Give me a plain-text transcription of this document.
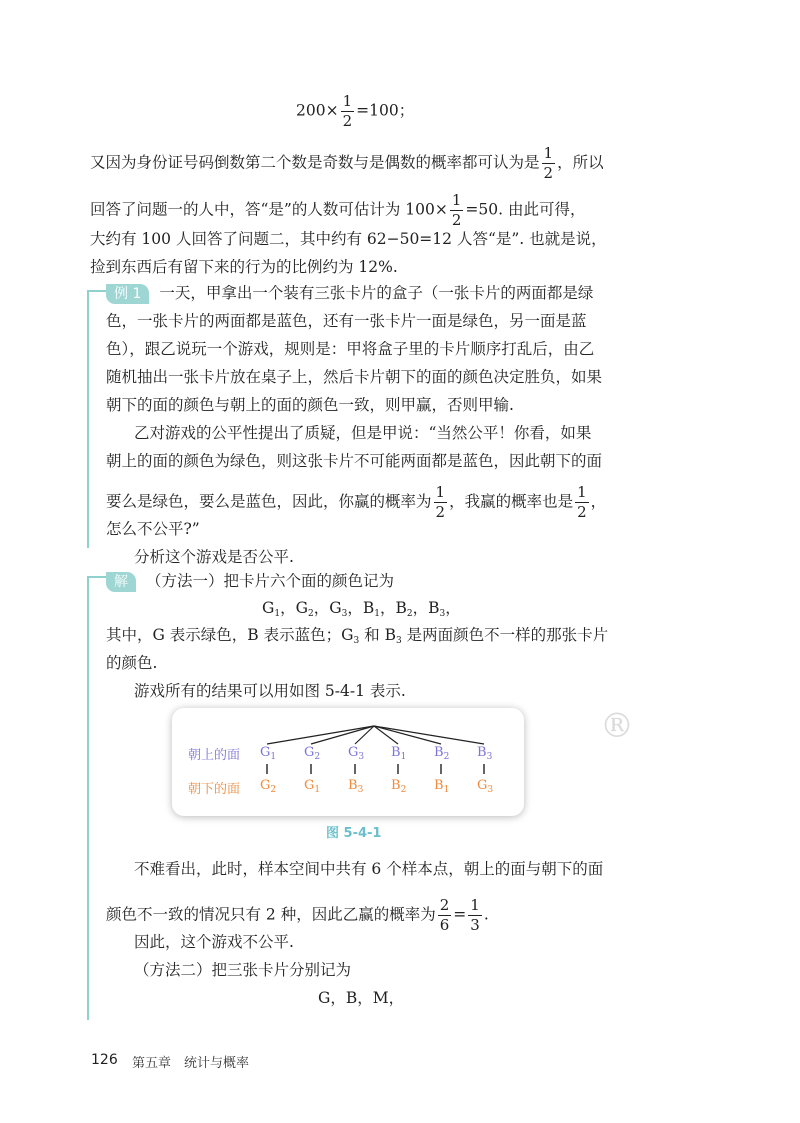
$200\times \frac{1}{2} =100$；
又因为身份证号码倒数第二个数是奇数与是偶数的概率都可认为是 $\frac{1}{2}$ ，所以
回答了问题一的人中，答“是”的人数可估计为 $100\times \frac{1}{2} =50$. 由此可得，
大约有 100 人回答了问题二，其中约有 62−50=12 人答“是”. 也就是说，
捡到东西后有留下来的行为的比例约为 12%.
例 1 一天，甲拿出一个装有三张卡片的盒子（一张卡片的两面都是绿
色，一张卡片的两面都是蓝色，还有一张卡片一面是绿色，另一面是蓝
色），跟乙说玩一个游戏，规则是：甲将盒子里的卡片顺序打乱后，由乙
随机抽出一张卡片放在桌子上，然后卡片朝下的面的颜色决定胜负，如果
朝下的面的颜色与朝上的面的颜色一致，则甲赢，否则甲输.
乙对游戏的公平性提出了质疑，但是甲说：“当然公平！你看，如果
朝上的面的颜色为绿色，则这张卡片不可能两面都是蓝色，因此朝下的面
要么是绿色，要么是蓝色，因此，你赢的概率为 $\frac{1}{2}$ ，我赢的概率也是 $\frac{1}{2}$ ，
怎么不公平?”
分析这个游戏是否公平.
解 （方法一）把卡片六个面的颜色记为
$G_1$，$G_2$，$G_3$，$B_1$，$B_2$，$B_3$，
其中，G 表示绿色，B 表示蓝色；$G_3$ 和 $B_3$ 是两面颜色不一样的那张卡片
的颜色.
游戏所有的结果可以用如图 5-4-1 表示.
朝上的面
朝下的面
$G_1$ $G_2$ $G_3$ $B_1$ $B_2$ $B_3$
$G_2$ $G_1$ $B_3$ $B_2$ $B_1$ $G_3$
®
图 5-4-1
不难看出，此时，样本空间中共有 6 个样本点，朝上的面与朝下的面
颜色不一致的情况只有 2 种，因此乙赢的概率为 $\frac{2}{6} = \frac{1}{3}$ .
因此，这个游戏不公平.
（方法二）把三张卡片分别记为
G，B，M，
126 第五章　统计与概率
